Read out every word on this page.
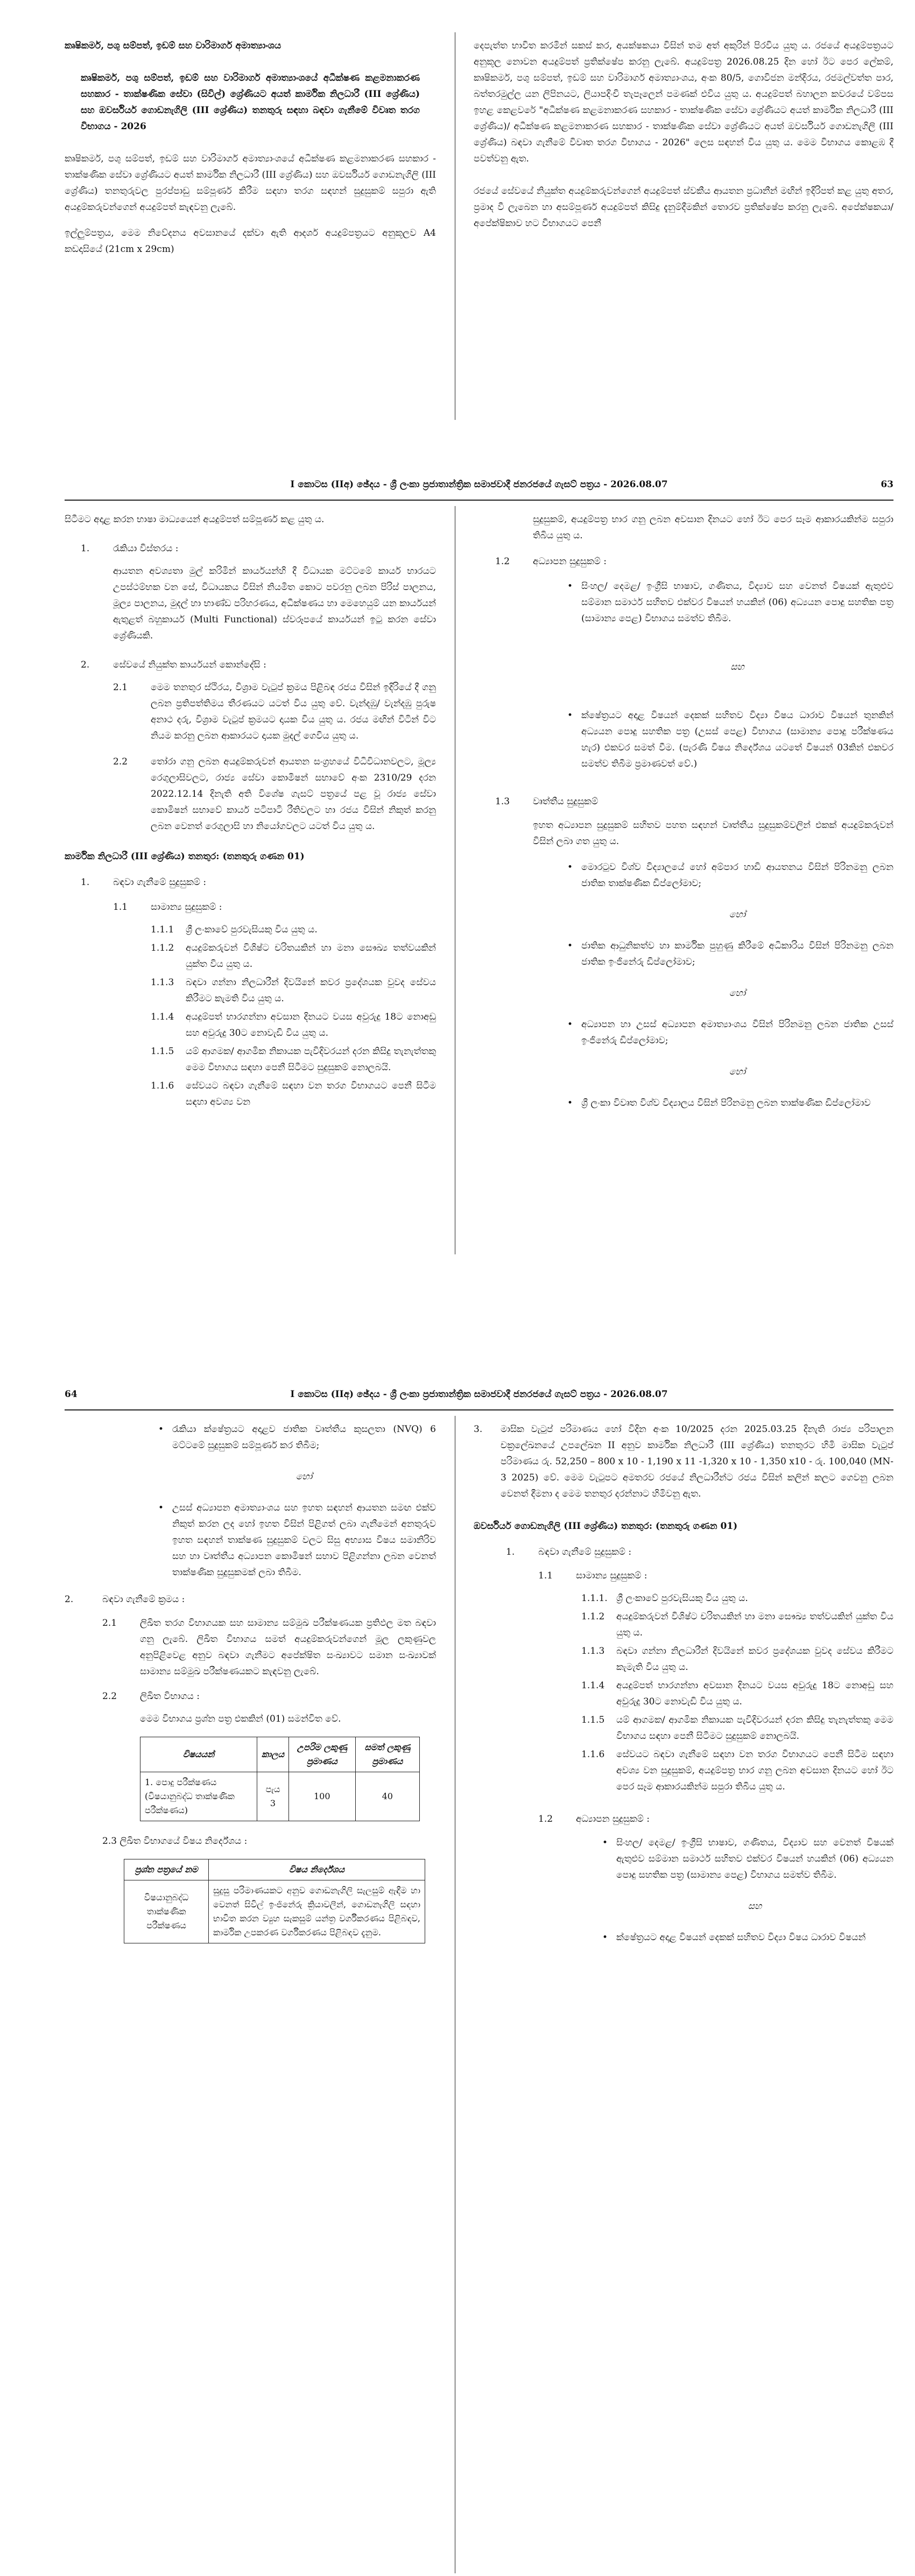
කෘෂිකර්ම, පශු සම්පත්, ඉඩම් සහ වාරිමාර්ග අමාත්‍යාංශය

කෘෂිකර්ම, පශු සම්පත්, ඉඩම් සහ වාරිමාර්ග අමාත්‍යාංශයේ අධීක්ෂණ කළමනාකරණ සහකාර - තාක්ෂණික සේවා (සිවිල්) ශ්‍රේණියට අයත් කාර්මික නිලධාරී (III ශ්‍රේණිය) සහ ඔවර්සියර් ගොඩනැගිලි (III ශ්‍රේණිය) තනතුරු සඳහා බඳවා ගැනීමේ විවෘත තරග විභාගය - 2026

කෘෂිකර්ම, පශු සම්පත්, ඉඩම් සහ වාරිමාර්ග අමාත්‍යාංශයේ අධීක්ෂණ කළමනාකරණ සහකාර - තාක්ෂණික සේවා ශ්‍රේණියට අයත් කාර්මික නිලධාරී (III ශ්‍රේණිය) සහ ඔවර්සියර් ගොඩනැගිලි (III ශ්‍රේණිය) තනතුරුවල පුරප්පාඩු සම්පූර්ණ කිරීම සඳහා තරග සඳහන් සුදුසුකම් සපුරා ඇති අයදුම්කරුවන්ගෙන් අයදුම්පත් කැඳවනු ලැබේ.

ඉල්ලුම්පත්‍රය, මෙම නිවේදනය අවසානයේ දක්වා ඇති ආදර්ශ අයදුම්පත්‍රයට අනුකූලව A4 කඩදාසියේ (21cm x 29cm)

දෙපැත්ත භාවිත කරමින් සකස් කර, අයක්ෂකයා විසින් තම අත් අකුරින් පිරවිය යුතු ය. රජයේ අයදුම්පත්‍රයට අනුකූල නොවන අයදුම්පත් ප්‍රතික්ෂේප කරනු ලැබේ. අයදුම්පත්‍ර 2026.08.25 දින හෝ ඊට පෙර ලේකම්, කෘෂිකර්ම, පශු සම්පත්, ඉඩම් සහ වාරිමාර්ග අමාත්‍යාංශය, අංක 80/5, ගොවිජන මන්දිරය, රජමල්වත්ත පාර, බත්තරමුල්ල යන ලිපිනයට, ලියාපදිංචි තැපෑලෙන් පමණක් එවිය යුතු ය. අයදුම්පත් බහාලන කවරයේ වම්පස ඉහළ කෙළවරේ "අධීක්ෂණ කළමනාකරණ සහකාර - තාක්ෂණික සේවා ශ්‍රේණියට අයත් කාර්මික නිලධාරී (III ශ්‍රේණිය)/ අධීක්ෂණ කළමනාකරණ සහකාර - තාක්ෂණික සේවා ශ්‍රේණියට අයත් ඔවර්සියර් ගොඩනැගිලි (III ශ්‍රේණිය) බඳවා ගැනීමේ විවෘත තරග විභාගය - 2026" ලෙස සඳහන් විය යුතු ය. මෙම විභාගය කොළඹ දී පවත්වනු ඇත.

රජයේ සේවයේ නියුක්ත අයදුම්කරුවන්ගෙන් අයදුම්පත් ස්වකීය ආයතන ප්‍රධානීන් මඟින් ඉදිරිපත් කළ යුතු අතර, ප්‍රමාද වී ලැබෙන හා අසම්පූර්ණ අයදුම්පත් කිසිදු දැනුම්දීමකින් තොරව ප්‍රතික්ෂේප කරනු ලැබේ. අපේක්ෂකයා/ අපේක්ෂිකාව හට විභාගයට පෙනී

I කොටස (IIඅ) ඡේදය - ශ්‍රී ලංකා ප්‍රජාතාන්ත්‍රික සමාජවාදී ජනරජයේ ගැසට් පත්‍රය - 2026.08.07	63

සිටීමට අදාළ කරන භාෂා මාධ්‍යයෙන් අයදුම්පත් සම්පූර්ණ කළ යුතු ය.

1.	රැකියා විස්තරය :

ආයතන අවශ්‍යතා මුල් කරිමින් කාර්යයන්හි දී විධායක මට්ටමේ කාර්ය භාරයට උපස්ථම්භක වන සේ, විධායකය විසින් නියමිත කොට පවරනු ලබන පිරිස් පාලනය, මූල්‍ය පාලනය, මුදල් හා භාණ්ඩ පරිහරණය, අධීක්ෂණය හා මෙහෙයුම් යන කාර්යයන් ඇතුළත් බහුකාර්ය (Multi Functional) ස්වරූපයේ කාර්යයන් ඉටු කරන සේවා ශ්‍රේණියකි.

2.	සේවයේ නියුක්ත කාර්යයන් කොන්දේසි :
2.1	මෙම තනතුර ස්ථිරය, විශ්‍රාම වැටුප් ක්‍රමය පිළිබඳ රජය විසින් ඉදිරියේ දී ගනු ලබන ප්‍රතිපත්තිමය තීරණයට යටත් විය යුතු වේ. වැන්දඹු/ වැන්දඹු පුරුෂ අනාථ දරු, විශ්‍රාම වැටුප් ක්‍රමයට දායක විය යුතු ය. රජය මඟින් විටින් විට නියම කරනු ලබන ආකාරයට දායක මුදල් ගෙවිය යුතු ය.
2.2	තෝරා ගනු ලබන අයදුම්කරුවන් ආයතන සංග්‍රහයේ විධිවිධානවලට, මූල්‍ය රෙගුලාසිවලට, රාජ්‍ය සේවා කොමිෂන් සභාවේ අංක 2310/29 දරන 2022.12.14 දිනැති අති විශේෂ ගැසට් පත්‍රයේ පළ වූ රාජ්‍ය සේවා කොමිෂන් සභාවේ කාර්ය පටිපාටි රීතිවලට හා රජය විසින් නිකුත් කරනු ලබන වෙනත් රෙගුලාසි හා නියෝගවලට යටත් විය යුතු ය.

කාර්මික නිලධාරී (III ශ්‍රේණිය) තනතුර: (තනතුරු ගණන 01)

1.	බඳවා ගැනීමේ සුදුසුකම් :
1.1	සාමාන්‍ය සුදුසුකම් :
1.1.1 ශ්‍රී ලංකාවේ පුරවැසියකු විය යුතු ය.
1.1.2 අයදුම්කරුවන් විශිෂ්ට චරිතයකින් හා මනා සෞඛ්‍ය තත්වයකින් යුක්ත විය යුතු ය.
1.1.3 බඳවා ගන්නා නිලධාරීන් දිවයිනේ කවර ප්‍රදේශයක වුවද සේවය කිරීමට කැමති විය යුතු ය.
1.1.4 අයදුම්පත් භාරගන්නා අවසාන දිනයට වයස අවුරුදු 18ට නොඅඩු සහ අවුරුදු 30ට නොවැඩි විය යුතු ය.
1.1.5 යම් ආගමක/ ආගමික නිකායක පැවිදිවරයන් දරන කිසිදු තැනැත්තකු මෙම විභාගය සඳහා පෙනී සිටීමට සුදුසුකම් නොලබයි.
1.1.6 සේවයට බඳවා ගැනීමේ සඳහා වන තරග විභාගයට පෙනී සිටීම සඳහා අවශ්‍ය වන

සුදුසුකම්, අයදුම්පත්‍ර භාර ගනු ලබන අවසාන දිනයට හෝ ඊට පෙර සෑම ආකාරයකින්ම සපුරා තිබිය යුතු ය.

1.2	අධ්‍යාපන සුදුසුකම් :
• සිංහල/ දෙමළ/ ඉංග්‍රීසි භාෂාව, ගණිතය, විද්‍යාව සහ වෙනත් විෂයක් ඇතුළුව සම්මාන සමාර්ථ සහිතව එක්වර විෂයන් හයකින් (06) අධ්‍යයන පොදු සහතික පත්‍ර (සාමාන්‍ය පෙළ) විභාගය සමත්ව තිබීම.
සහ
• ක්ෂේත්‍රයට අදාළ විෂයන් දෙකක් සහිතව විද්‍යා විෂය ධාරාව විෂයන් තුනකින් අධ්‍යයන පොදු සහතික පත්‍ර (උසස් පෙළ) විභාගය (සාමාන්‍ය පොදු පරීක්ෂණය හැර) එකවර සමත් වීම. (පැරණි විෂය නිර්දේශය යටතේ විෂයන් 03කින් එකවර සමත්ව තිබීම ප්‍රමාණවත් වේ.)
1.3	වෘත්තීය සුදුසුකම්

ඉහත අධ්‍යාපන සුදුසුකම් සහිතව පහත සඳහන් වෘත්තීය සුදුසුකම්වලින් එකක් අයදුම්කරුවන් විසින් ලබා ගත යුතු ය.

• මොරටුව විශ්ව විද්‍යාලයේ හෝ අම්පාර හාඩි ආයතනය විසින් පිරිනමනු ලබන ජාතික තාක්ෂණික ඩිප්ලෝමාව;
හෝ
• ජාතික ආධුනිකත්ව හා කාර්මික පුහුණු කිරීමේ අධිකාරිය විසින් පිරිනමනු ලබන ජාතික ඉංජිනේරු ඩිප්ලෝමාව;
හෝ
• අධ්‍යාපන හා උසස් අධ්‍යාපන අමාත්‍යාංශය විසින් පිරිනමනු ලබන ජාතික උසස් ඉංජිනේරු ඩිප්ලෝමාව;
හෝ
• ශ්‍රී ලංකා විවෘත විශ්ව විද්‍යාලය විසින් පිරිනමනු ලබන තාක්ෂණික ඩිප්ලෝමාව
64	I කොටස (IIඅ) ඡේදය - ශ්‍රී ලංකා ප්‍රජාතාන්ත්‍රික සමාජවාදී ජනරජයේ ගැසට් පත්‍රය - 2026.08.07
• රැකියා ක්ෂේත්‍රයට අදාළව ජාතික වෘත්තීය කුසලතා (NVQ) 6 මට්ටමේ සුදුසුකම් සම්පූර්ණ කර තිබීම;
හෝ
• උසස් අධ්‍යාපන අමාත්‍යාංශය සහ ඉහත සඳහන් ආයතන සමඟ එක්ව නිකුත් කරන ලද හෝ ඉහත විසින් පිළිගත් ලබා ගැනීමෙන් අනතුරුව ඉහත සඳහන් තාක්ෂණ සුදුසුකම් වලට සිසු අභ්‍යාස විෂය සමානිරිව සහ හා වෘත්තීය අධ්‍යාපන කොමිෂන් සභාව පිළිගන්නා ලබන වෙනත් තාක්ෂණික සුදුසුකමක් ලබා තිබීම.
2.	බඳවා ගැනීමේ ක්‍රමය :
2.1	ලිඛිත තරග විභාගයක සහ සාමාන්‍ය සම්මුඛ පරීක්ෂණයක ප්‍රතිඵල මත බඳවා ගනු ලැබේ. ලිඛිත විභාගය සමත් අයදුම්කරුවන්ගෙන් මූල ලකුණුවල අනුපිළිවෙළ අනුව බඳවා ගැනීමට අපේක්ෂිත සංඛ්‍යාවට සමාන සංඛ්‍යාවක් සාමාන්‍ය සම්මුඛ පරීක්ෂණයකට කැඳවනු ලැබේ.
2.2	ලිඛිත විභාගය :

මෙම විභාගය ප්‍රශ්න පත්‍ර එකකින් (01) සමන්විත වේ.

විෂයයන්	කාලය	උපරිම ලකුණු ප්‍රමාණය	සමත් ලකුණු ප්‍රමාණය
1. පොදු පරීක්ෂණය (විෂයානුබද්ධ තාක්ෂණික පරීක්ෂණය)	පැය 3	100	40

2.3 ලිඛිත විභාගයේ විෂය නිර්දේශය :

ප්‍රශ්න පත්‍රයේ නම	විෂය නිර්දේශය
විෂයානුබද්ධ තාක්ෂණික පරීක්ෂණය	සුදුසු පරිමාණයකට අනුව ගොඩනැගිලි සැලසුම් ඇඳීම හා වෙනත් සිවිල් ඉංජිනේරු ක්‍රියාවලීන්, ගොඩනැගිලි සඳහා භාවිත කරන ව්‍යුහ සැකසුම් යන්ත්‍ර වර්ගීකරණය පිළිබඳව, කාර්මික උපකරණ වර්ගීකරණය පිළිබඳව දැනුම.
3. මාසික වැටුප් පරිමාණය හෝ විදින අංක 10/2025 දරන 2025.03.25 දිනැති රාජ්‍ය පරිපාලන චක්‍රලේඛනයේ උපලේඛන II අනුව කාර්මික නිලධාරී (III ශ්‍රේණිය) තනතුරට හිමි මාසික වැටුප් පරිමාණය රු. 52,250 – 800 x 10 - 1,190 x 11 -1,320 x 10 - 1,350 x10 - රු. 100,040 (MN-3 2025) වේ. මෙම වැටුපට අමතරව රජයේ නිලධාරීන්ට රජය විසින් කලින් කලට ගෙවනු ලබන වෙනත් දීමනා ද මෙම තනතුර දරන්නාට හිමිවනු ඇත.

ඔවර්සියර් ගොඩනැගිලි (III ශ්‍රේණිය) තනතුර: (තනතුරු ගණන 01)

1.	බඳවා ගැනීමේ සුදුසුකම් :
1.1	සාමාන්‍ය සුදුසුකම් :
1.1.1. ශ්‍රී ලංකාවේ පුරවැසියකු විය යුතු ය.
1.1.2 අයදුම්කරුවන් විශිෂ්ට චරිතයකින් හා මනා සෞඛ්‍ය තත්වයකින් යුක්ත විය යුතු ය.
1.1.3 බඳවා ගන්නා නිලධාරීන් දිවයිනේ කවර ප්‍රදේශයක වුවද සේවය කිරීමට කැමැති විය යුතු ය.
1.1.4 අයදුම්පත් භාරගන්නා අවසාන දිනයට වයස අවුරුදු 18ට නොඅඩු සහ අවුරුදු 30ට නොවැඩි විය යුතු ය.
1.1.5 යම් ආගමක/ ආගමික නිකායක පැවිදිවරයන් දරන කිසිදු තැනැත්තකු මෙම විභාගය සඳහා පෙනී සිටීමට සුදුසුකම් නොලබයි.
1.1.6 සේවයට බඳවා ගැනීමේ සඳහා වන තරග විභාගයට පෙනී සිටීම සඳහා අවශ්‍ය වන සුදුසුකම්, අයදුම්පත්‍ර භාර ගනු ලබන අවසාන දිනයට හෝ ඊට පෙර සෑම ආකාරයකින්ම සපුරා තිබිය යුතු ය.
1.2	අධ්‍යාපන සුදුසුකම් :
• සිංහල/ දෙමළ/ ඉංග්‍රීසි භාෂාව, ගණිතය, විද්‍යාව සහ වෙනත් විෂයක් ඇතුළුව සම්මාන සමාර්ථ සහිතව එක්වර විෂයන් හයකින් (06) අධ්‍යයන පොදු සහතික පත්‍ර (සාමාන්‍ය පෙළ) විභාගය සමත්ව තිබීම.
සහ
• ක්ෂේත්‍රයට අදාළ විෂයන් දෙකක් සහිතව විද්‍යා විෂය ධාරාව විෂයන්
